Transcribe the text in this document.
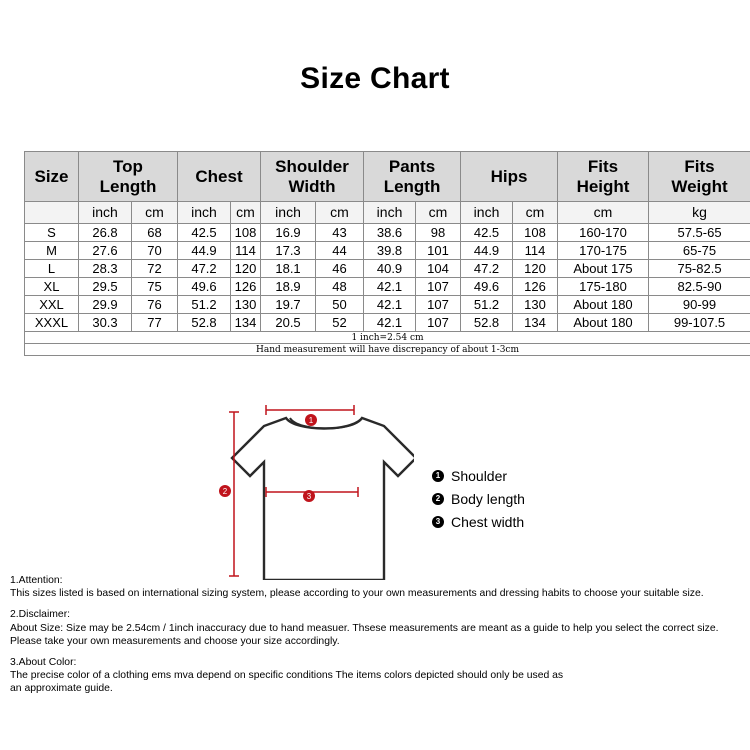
Size Chart
Size	Top Length		Chest		Shoulder Width		Pants Length		Hips		Fits Height	Fits Weight
	inch	cm	inch	cm	inch	cm	inch	cm	inch	cm	cm	kg
S	26.8	68	42.5	108	16.9	43	38.6	98	42.5	108	160-170	57.5-65
M	27.6	70	44.9	114	17.3	44	39.8	101	44.9	114	170-175	65-75
L	28.3	72	47.2	120	18.1	46	40.9	104	47.2	120	About 175	75-82.5
XL	29.5	75	49.6	126	18.9	48	42.1	107	49.6	126	175-180	82.5-90
XXL	29.9	76	51.2	130	19.7	50	42.1	107	51.2	130	About 180	90-99
XXXL	30.3	77	52.8	134	20.5	52	42.1	107	52.8	134	About 180	99-107.5
1 inch=2.54 cm												
Hand measurement will have discrepancy of about 1-3cm												
1
2
3
1 Shoulder
2 Body length
3 Chest width

1.Attention:

This sizes listed is based on international sizing system, please according to your own measurements and dressing habits to choose your suitable size.

2.Disclaimer:

About Size: Size may be 2.54cm / 1inch inaccuracy due to hand measuer. Thsese measurements are meant as a guide to help you select the correct size.

Please take your own measurements and choose your size accordingly.

3.About Color:

The precise color of a clothing ems mva depend on specific conditions The items colors depicted should only be used as

an approximate guide.
